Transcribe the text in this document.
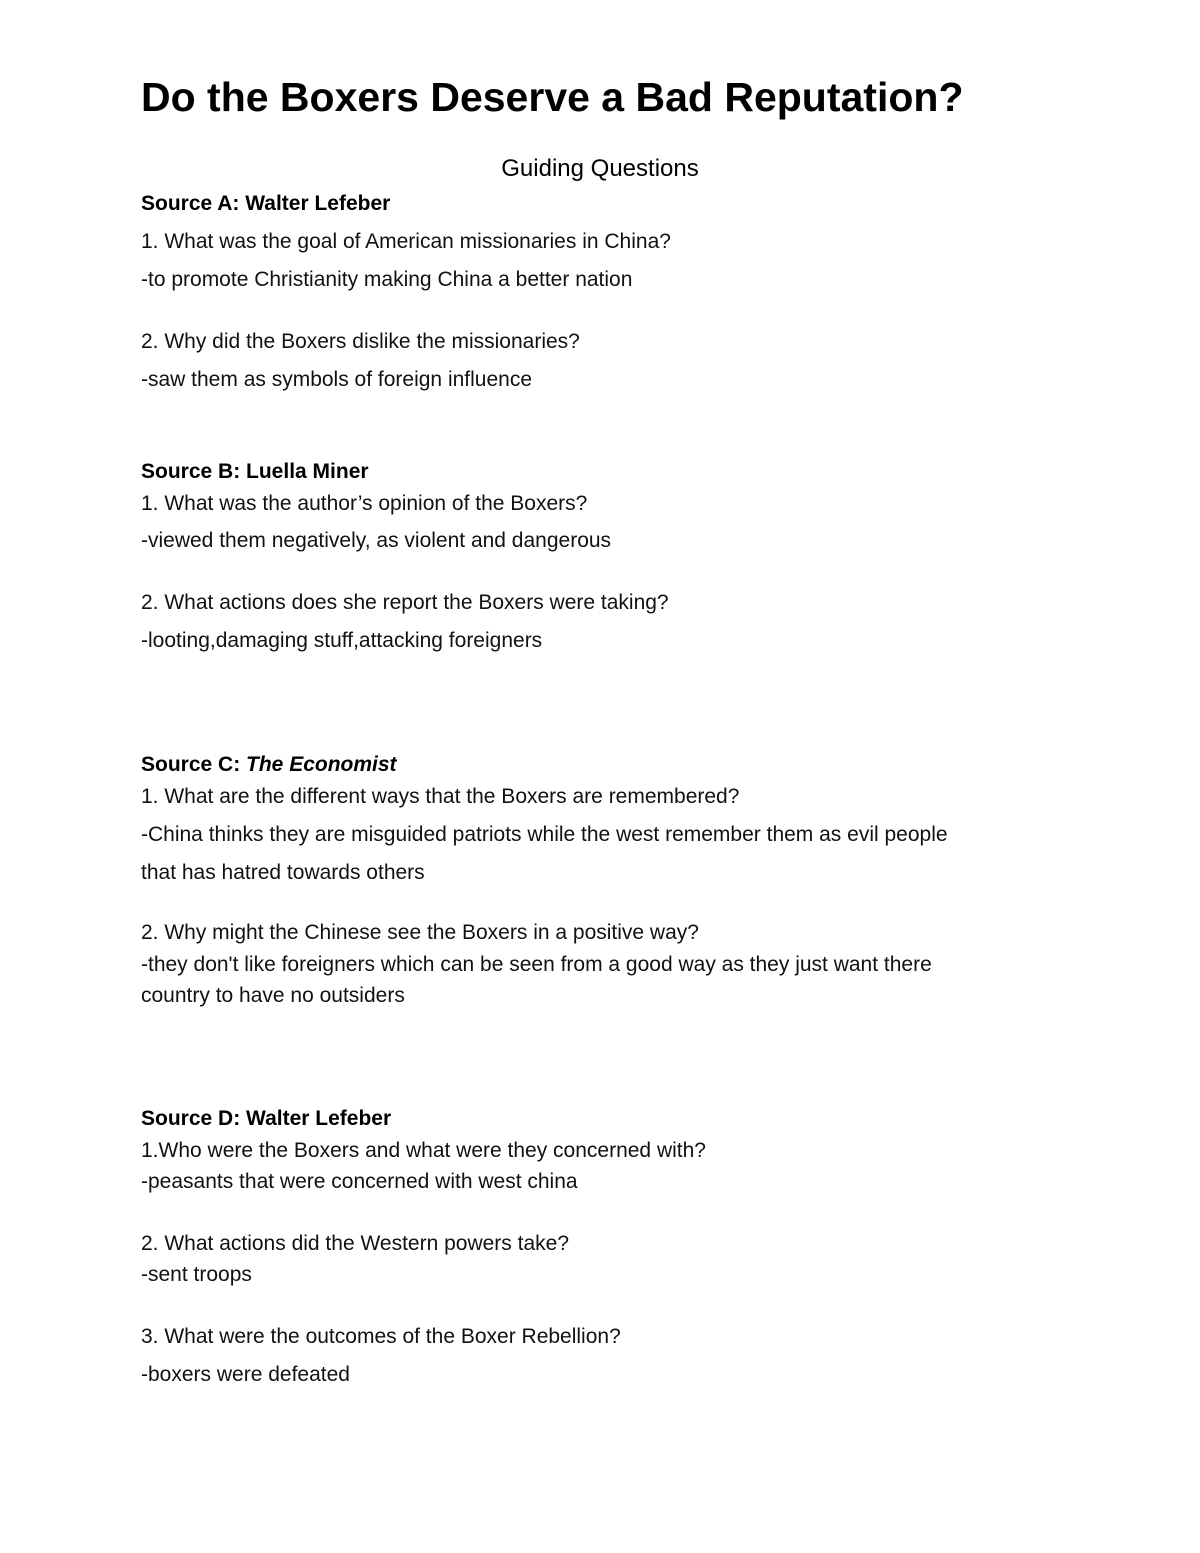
Do the Boxers Deserve a Bad Reputation?
Guiding Questions
Source A: Walter Lefeber
1. What was the goal of American missionaries in China?
-to promote Christianity making China a better nation
2. Why did the Boxers dislike the missionaries?
-saw them as symbols of foreign influence
Source B: Luella Miner
1. What was the author’s opinion of the Boxers?
-viewed them negatively, as violent and dangerous
2. What actions does she report the Boxers were taking?
-looting,damaging stuff,attacking foreigners
Source C: The Economist
1. What are the different ways that the Boxers are remembered?
-China thinks they are misguided patriots while the west remember them as evil people
that has hatred towards others
2. Why might the Chinese see the Boxers in a positive way?
-they don't like foreigners which can be seen from a good way as they just want there
country to have no outsiders
Source D: Walter Lefeber
1.Who were the Boxers and what were they concerned with?
-peasants that were concerned with west china
2. What actions did the Western powers take?
-sent troops
3. What were the outcomes of the Boxer Rebellion?
-boxers were defeated
